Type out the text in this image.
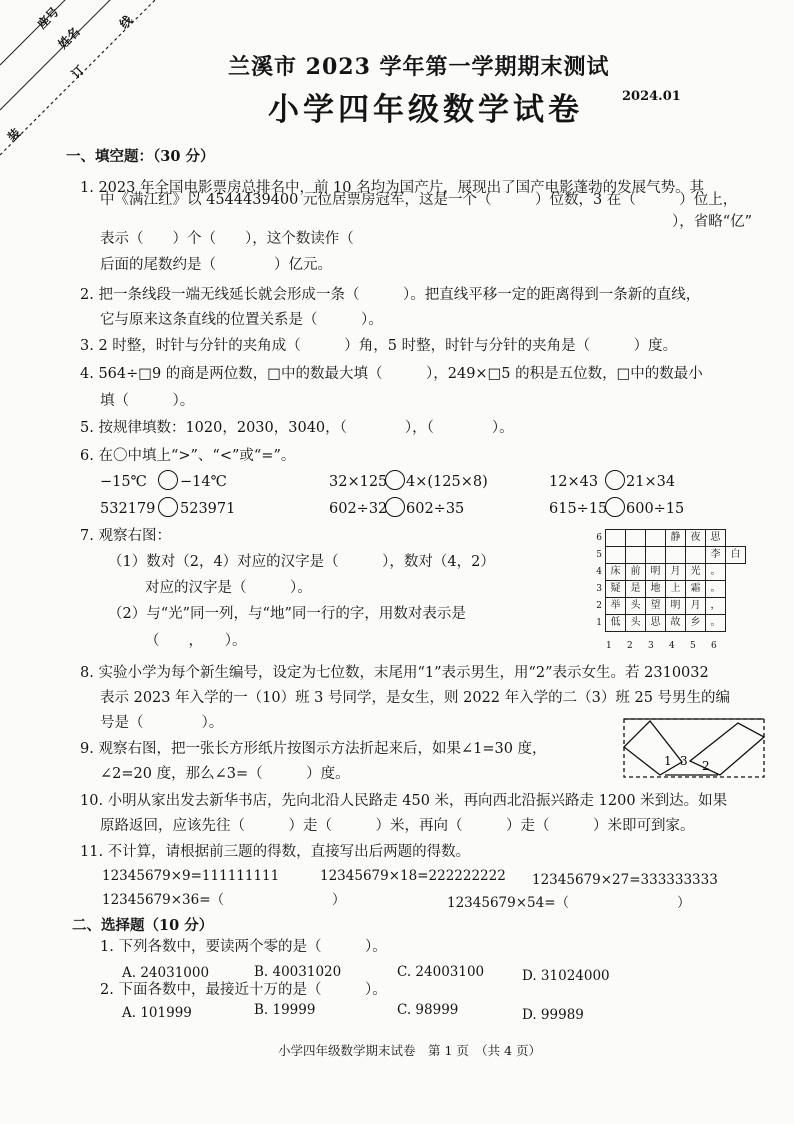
座号
姓名
装
订
线
兰溪市 2023 学年第一学期期末测试
小学四年级数学试卷	2024.01
一、填空题：（30 分）
1. 2023 年全国电影票房总排名中，前 10 名均为国产片，展现出了国产电影蓬勃的发展气势。其
中《满江红》以 4544439400 元位居票房冠军，这是一个（　　　）位数，3 在（　　　）位上，
表示（　　）个（　　），这个数读作（
），省略“亿”
后面的尾数约是（　　　　）亿元。
2. 把一条线段一端无线延长就会形成一条（　　　）。把直线平移一定的距离得到一条新的直线，
它与原来这条直线的位置关系是（　　　）。
3. 2 时整，时针与分针的夹角成（　　　）角，5 时整，时针与分针的夹角是（　　　）度。
4. 564÷□9 的商是两位数，□中的数最大填（　　　），249×□5 的积是五位数，□中的数最小
填（　　　）。
5. 按规律填数：1020，2030，3040，（　　　　），（　　　　）。
6. 在〇中填上“>”、“<”或“=”。
−15℃ −14℃	32×125 4×(125×8)	12×43 21×34
532179 523971	602÷32 602÷35	615÷15 600÷15
7. 观察右图：
（1）数对（2，4）对应的汉字是（　　　），数对（4，2）
对应的汉字是（　　　）。
（2）与“光”同一列，与“地”同一行的字，用数对表示是
（　　，　　）。
6				静	夜	思	
5						李	白
4	床	前	明	月	光	。	
3	疑	是	地	上	霜	。	
2	举	头	望	明	月	，	
1	低	头	思	故	乡	。	
1 2 3 4 5 6
8. 实验小学为每个新生编号，设定为七位数，末尾用“1”表示男生，用“2”表示女生。若 2310032
表示 2023 年入学的一（10）班 3 号同学，是女生，则 2022 年入学的二（3）班 25 号男生的编
号是（　　　　）。
9. 观察右图，把一张长方形纸片按图示方法折起来后，如果∠1=30 度，
∠2=20 度，那么∠3=（　　　）度。
1 3 2
10. 小明从家出发去新华书店，先向北沿人民路走 450 米，再向西北沿振兴路走 1200 米到达。如果
原路返回，应该先往（　　　）走（　　　）米，再向（　　　）走（　　　）米即可到家。
11. 不计算，请根据前三题的得数，直接写出后两题的得数。
12345679×9=111111111	12345679×18=222222222 12345679×27=333333333
12345679×36=（　　　　　　　　）	12345679×54=（　　　　　　　　）
二、选择题（10 分）
1. 下列各数中，要读两个零的是（　　　）。
A. 24031000	B. 40031020	C. 24003100	D. 31024000
2. 下面各数中，最接近十万的是（　　　）。
A. 101999	B. 19999	C. 98999	D. 99989
小学四年级数学期末试卷　第 1 页　（共 4 页）
